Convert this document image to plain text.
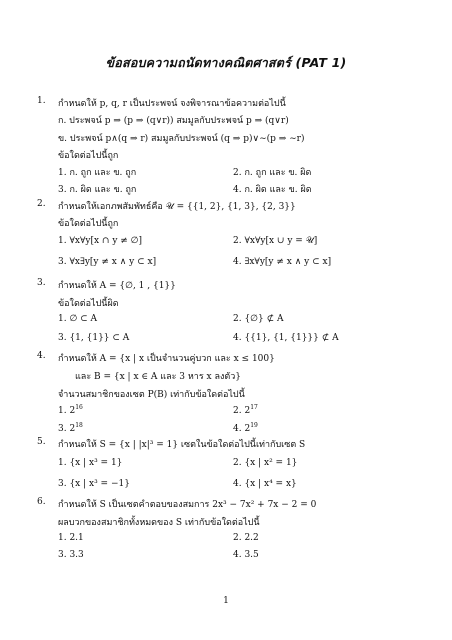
ข้อสอบความถนัดทางคณิตศาสตร์ (PAT 1)
1. กำหนดให้ p, q, r เป็นประพจน์ จงพิจารณาข้อความต่อไปนี้
ก. ประพจน์ p ⇒ (p ⇒ (q∨r)) สมมูลกับประพจน์ p ⇒ (q∨r)
ข. ประพจน์ p∧(q ⇒ r) สมมูลกับประพจน์ (q ⇒ p)∨∼(p ⇒ ∼r)
ข้อใดต่อไปนี้ถูก
1. ก. ถูก และ ข. ถูก	2. ก. ถูก และ ข. ผิด
3. ก. ผิด และ ข. ถูก	4. ก. ผิด และ ข. ผิด
2. กำหนดให้เอกภพสัมพัทธ์คือ 𝒰 = {{1, 2}, {1, 3}, {2, 3}}
ข้อใดต่อไปนี้ถูก
1. ∀x∀y[x ∩ y ≠ ∅]	2. ∀x∀y[x ∪ y = 𝒰]
3. ∀x∃y[y ≠ x ∧ y ⊂ x]	4. ∃x∀y[y ≠ x ∧ y ⊂ x]
3. กำหนดให้ A = {∅, 1 , {1}}
ข้อใดต่อไปนี้ผิด
1. ∅ ⊂ A	2. {∅} ⊄ A
3. {1, {1}} ⊂ A	4. {{1}, {1, {1}}} ⊄ A
4. กำหนดให้ A = {x | x เป็นจำนวนคู่บวก และ x ≤ 100}
และ B = {x | x ∈ A และ 3 หาร x ลงตัว}
จำนวนสมาชิกของเซต P(B) เท่ากับข้อใดต่อไปนี้
1. $2^{16}$	2. $2^{17}$
3. $2^{18}$	4. $2^{19}$
5. กำหนดให้ S = {x | |x|³ = 1} เซตในข้อใดต่อไปนี้เท่ากับเซต S
1. {x | x³ = 1}	2. {x | x² = 1}
3. {x | x³ = −1}	4. {x | x⁴ = x}
6. กำหนดให้ S เป็นเซตคำตอบของสมการ 2x³ − 7x² + 7x − 2 = 0
ผลบวกของสมาชิกทั้งหมดของ S เท่ากับข้อใดต่อไปนี้
1. 2.1	2. 2.2
3. 3.3	4. 3.5
1
